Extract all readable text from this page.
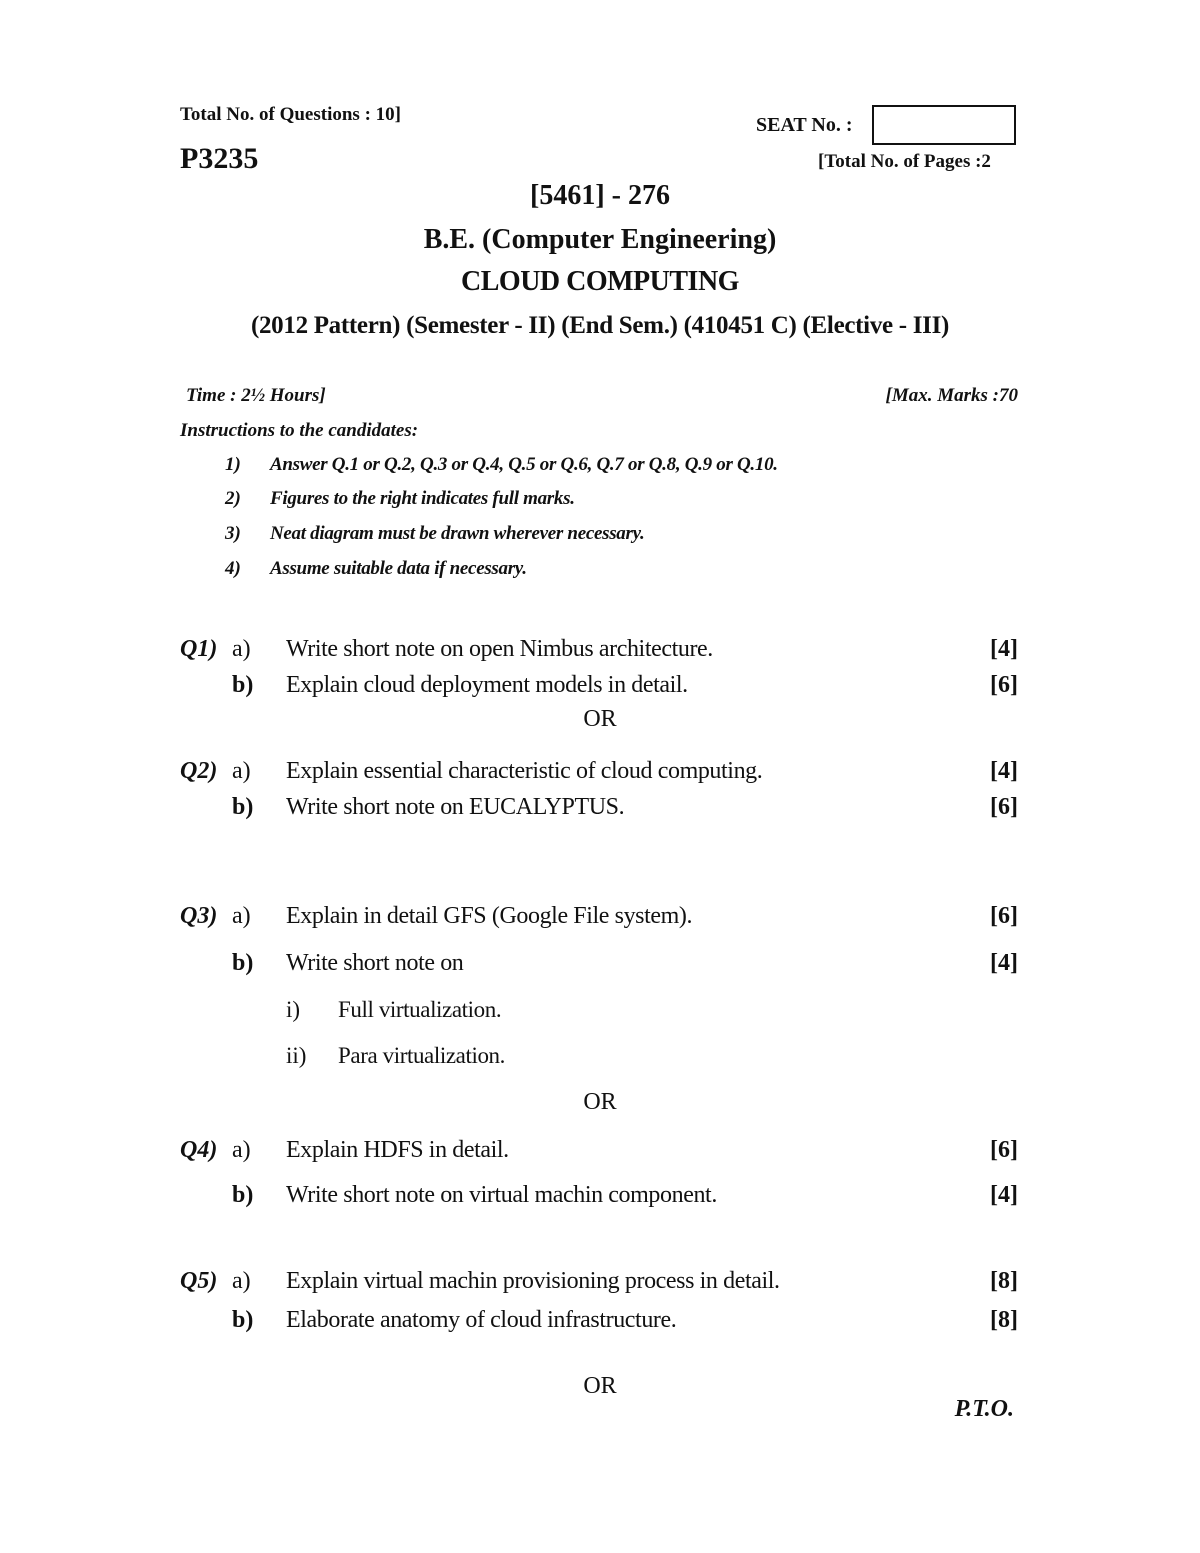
Total No. of Questions : 10]	SEAT No. :
P3235	[Total No. of Pages :2
[5461] - 276
B.E. (Computer Engineering)
CLOUD COMPUTING
(2012 Pattern) (Semester - II) (End Sem.) (410451 C) (Elective - III)
Time : 2½ Hours]	[Max. Marks :70
Instructions to the candidates:
1) Answer Q.1 or Q.2, Q.3 or Q.4, Q.5 or Q.6, Q.7 or Q.8, Q.9 or Q.10.
2) Figures to the right indicates full marks.
3) Neat diagram must be drawn wherever necessary.
4) Assume suitable data if necessary.
Q1) a) Write short note on open Nimbus architecture.	[4]
b) Explain cloud deployment models in detail.	[6]
OR
Q2) a) Explain essential characteristic of cloud computing.	[4]
b) Write short note on EUCALYPTUS.	[6]
Q3) a) Explain in detail GFS (Google File system).	[6]
b) Write short note on	[4]
i) Full virtualization.
ii) Para virtualization.
OR
Q4) a) Explain HDFS in detail.	[6]
b) Write short note on virtual machin component.	[4]
Q5) a) Explain virtual machin provisioning process in detail.	[8]
b) Elaborate anatomy of cloud infrastructure.	[8]
OR
P.T.O.
